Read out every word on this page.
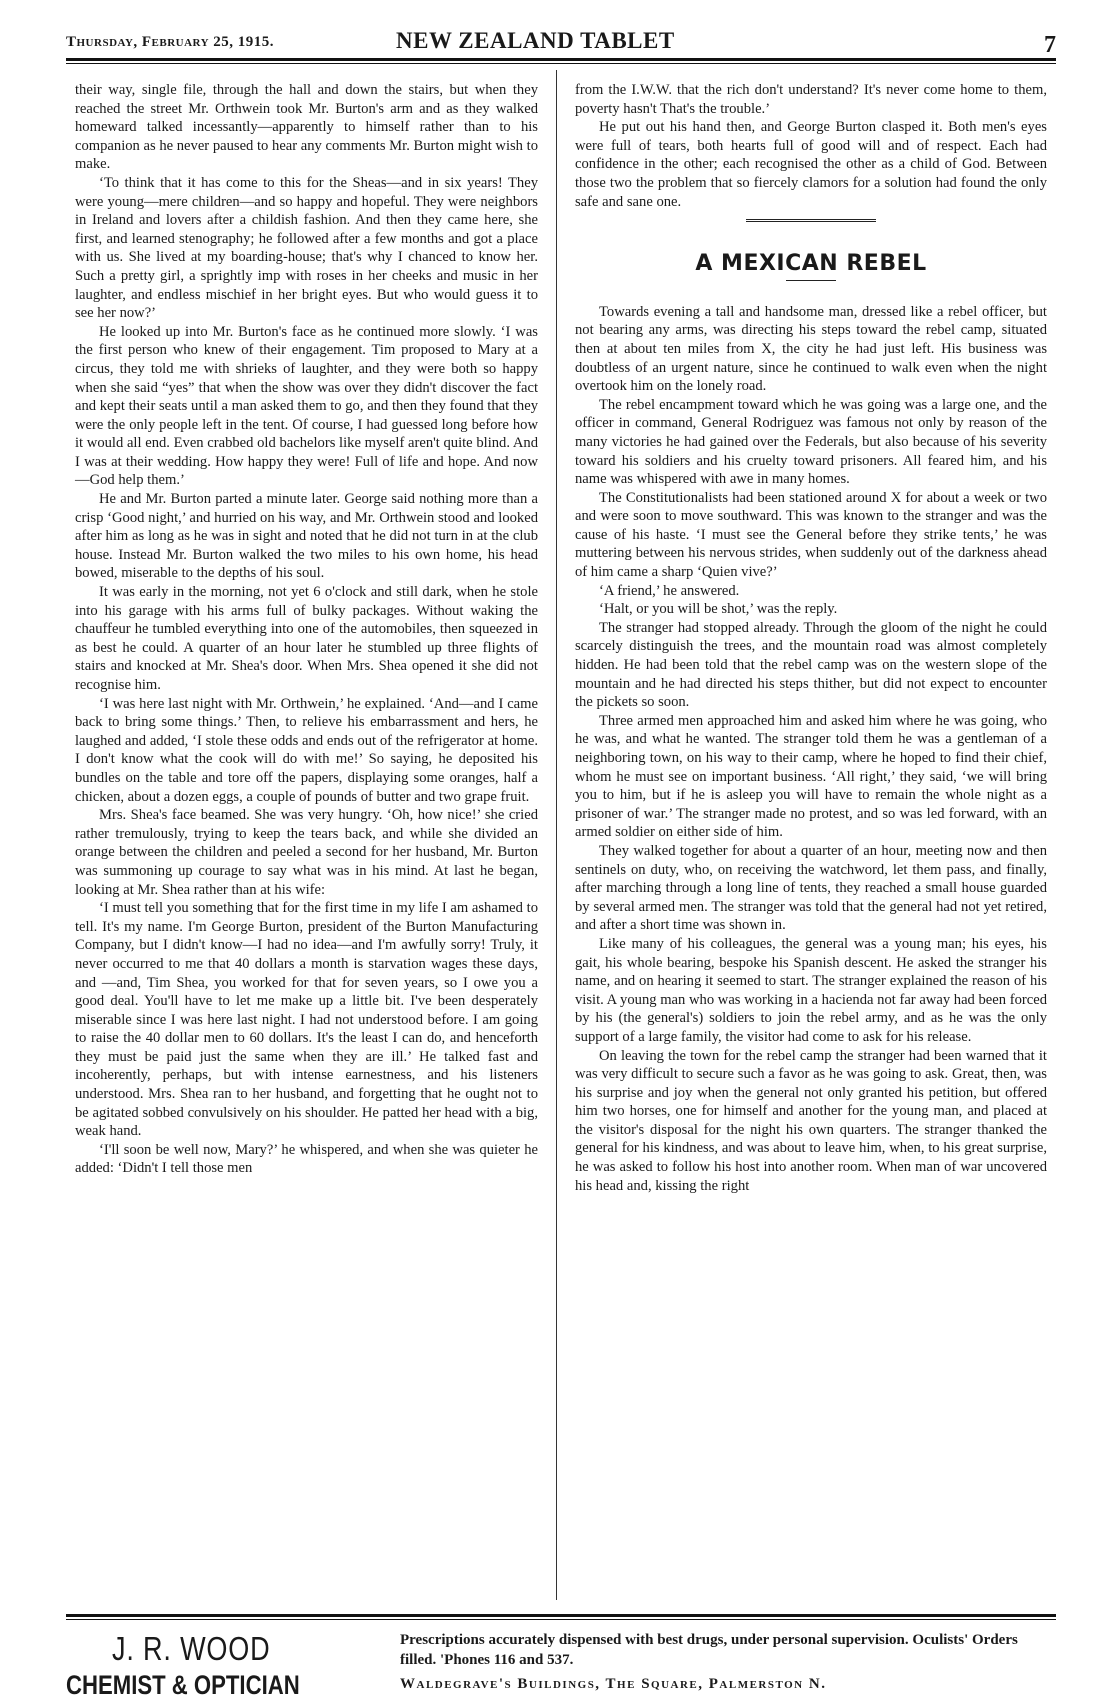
Thursday, February 25, 1915.	NEW ZEALAND TABLET	7

their way, single file, through the hall and down the stairs, but when they reached the street Mr. Orthwein took Mr. Burton's arm and as they walked homeward talked incessantly—apparently to himself rather than to his companion as he never paused to hear any comments Mr. Burton might wish to make.

‘To think that it has come to this for the Sheas—and in six years! They were young—mere children—and so happy and hopeful. They were neighbors in Ireland and lovers after a childish fashion. And then they came here, she first, and learned stenography; he followed after a few months and got a place with us. She lived at my boarding-house; that's why I chanced to know her. Such a pretty girl, a sprightly imp with roses in her cheeks and music in her laughter, and endless mischief in her bright eyes. But who would guess it to see her now?’

He looked up into Mr. Burton's face as he continued more slowly. ‘I was the first person who knew of their engagement. Tim proposed to Mary at a circus, they told me with shrieks of laughter, and they were both so happy when she said “yes” that when the show was over they didn't discover the fact and kept their seats until a man asked them to go, and then they found that they were the only people left in the tent. Of course, I had guessed long before how it would all end. Even crabbed old bachelors like myself aren't quite blind. And I was at their wedding. How happy they were! Full of life and hope. And now—God help them.’

He and Mr. Burton parted a minute later. George said nothing more than a crisp ‘Good night,’ and hurried on his way, and Mr. Orthwein stood and looked after him as long as he was in sight and noted that he did not turn in at the club house. Instead Mr. Burton walked the two miles to his own home, his head bowed, miserable to the depths of his soul.

It was early in the morning, not yet 6 o'clock and still dark, when he stole into his garage with his arms full of bulky packages. Without waking the chauffeur he tumbled everything into one of the automobiles, then squeezed in as best he could. A quarter of an hour later he stumbled up three flights of stairs and knocked at Mr. Shea's door. When Mrs. Shea opened it she did not recognise him.

‘I was here last night with Mr. Orthwein,’ he explained. ‘And—and I came back to bring some things.’ Then, to relieve his embarrassment and hers, he laughed and added, ‘I stole these odds and ends out of the refrigerator at home. I don't know what the cook will do with me!’ So saying, he deposited his bundles on the table and tore off the papers, displaying some oranges, half a chicken, about a dozen eggs, a couple of pounds of butter and two grape fruit.

Mrs. Shea's face beamed. She was very hungry. ‘Oh, how nice!’ she cried rather tremulously, trying to keep the tears back, and while she divided an orange between the children and peeled a second for her husband, Mr. Burton was summoning up courage to say what was in his mind. At last he began, looking at Mr. Shea rather than at his wife:

‘I must tell you something that for the first time in my life I am ashamed to tell. It's my name. I'm George Burton, president of the Burton Manufacturing Company, but I didn't know—I had no idea—and I'm awfully sorry! Truly, it never occurred to me that 40 dollars a month is starvation wages these days, and —and, Tim Shea, you worked for that for seven years, so I owe you a good deal. You'll have to let me make up a little bit. I've been desperately miserable since I was here last night. I had not understood before. I am going to raise the 40 dollar men to 60 dollars. It's the least I can do, and henceforth they must be paid just the same when they are ill.’ He talked fast and incoherently, perhaps, but with intense earnestness, and his listeners understood. Mrs. Shea ran to her husband, and forgetting that he ought not to be agitated sobbed convulsively on his shoulder. He patted her head with a big, weak hand.

‘I'll soon be well now, Mary?’ he whispered, and when she was quieter he added: ‘Didn't I tell those men

from the I.W.W. that the rich don't understand? It's never come home to them, poverty hasn't That's the trouble.’

He put out his hand then, and George Burton clasped it. Both men's eyes were full of tears, both hearts full of good will and of respect. Each had confidence in the other; each recognised the other as a child of God. Between those two the problem that so fiercely clamors for a solution had found the only safe and sane one.

A MEXICAN REBEL

Towards evening a tall and handsome man, dressed like a rebel officer, but not bearing any arms, was directing his steps toward the rebel camp, situated then at about ten miles from X, the city he had just left. His business was doubtless of an urgent nature, since he continued to walk even when the night overtook him on the lonely road.

The rebel encampment toward which he was going was a large one, and the officer in command, General Rodriguez was famous not only by reason of the many victories he had gained over the Federals, but also because of his severity toward his soldiers and his cruelty toward prisoners. All feared him, and his name was whispered with awe in many homes.

The Constitutionalists had been stationed around X for about a week or two and were soon to move southward. This was known to the stranger and was the cause of his haste. ‘I must see the General before they strike tents,’ he was muttering between his nervous strides, when suddenly out of the darkness ahead of him came a sharp ‘Quien vive?’

‘A friend,’ he answered.

‘Halt, or you will be shot,’ was the reply.

The stranger had stopped already. Through the gloom of the night he could scarcely distinguish the trees, and the mountain road was almost completely hidden. He had been told that the rebel camp was on the western slope of the mountain and he had directed his steps thither, but did not expect to encounter the pickets so soon.

Three armed men approached him and asked him where he was going, who he was, and what he wanted. The stranger told them he was a gentleman of a neighboring town, on his way to their camp, where he hoped to find their chief, whom he must see on important business. ‘All right,’ they said, ‘we will bring you to him, but if he is asleep you will have to remain the whole night as a prisoner of war.’ The stranger made no protest, and so was led forward, with an armed soldier on either side of him.

They walked together for about a quarter of an hour, meeting now and then sentinels on duty, who, on receiving the watchword, let them pass, and finally, after marching through a long line of tents, they reached a small house guarded by several armed men. The stranger was told that the general had not yet retired, and after a short time was shown in.

Like many of his colleagues, the general was a young man; his eyes, his gait, his whole bearing, bespoke his Spanish descent. He asked the stranger his name, and on hearing it seemed to start. The stranger explained the reason of his visit. A young man who was working in a hacienda not far away had been forced by his (the general's) soldiers to join the rebel army, and as he was the only support of a large family, the visitor had come to ask for his release.

On leaving the town for the rebel camp the stranger had been warned that it was very difficult to secure such a favor as he was going to ask. Great, then, was his surprise and joy when the general not only granted his petition, but offered him two horses, one for himself and another for the young man, and placed at the visitor's disposal for the night his own quarters. The stranger thanked the general for his kindness, and was about to leave him, when, to his great surprise, he was asked to follow his host into another room. When man of war uncovered his head and, kissing the right

J. R. WOOD
CHEMIST & OPTICIAN
Prescriptions accurately dispensed with best drugs, under personal supervision. Oculists' Orders filled. 'Phones 116 and 537.
Waldegrave's Buildings, The Square, Palmerston N.
